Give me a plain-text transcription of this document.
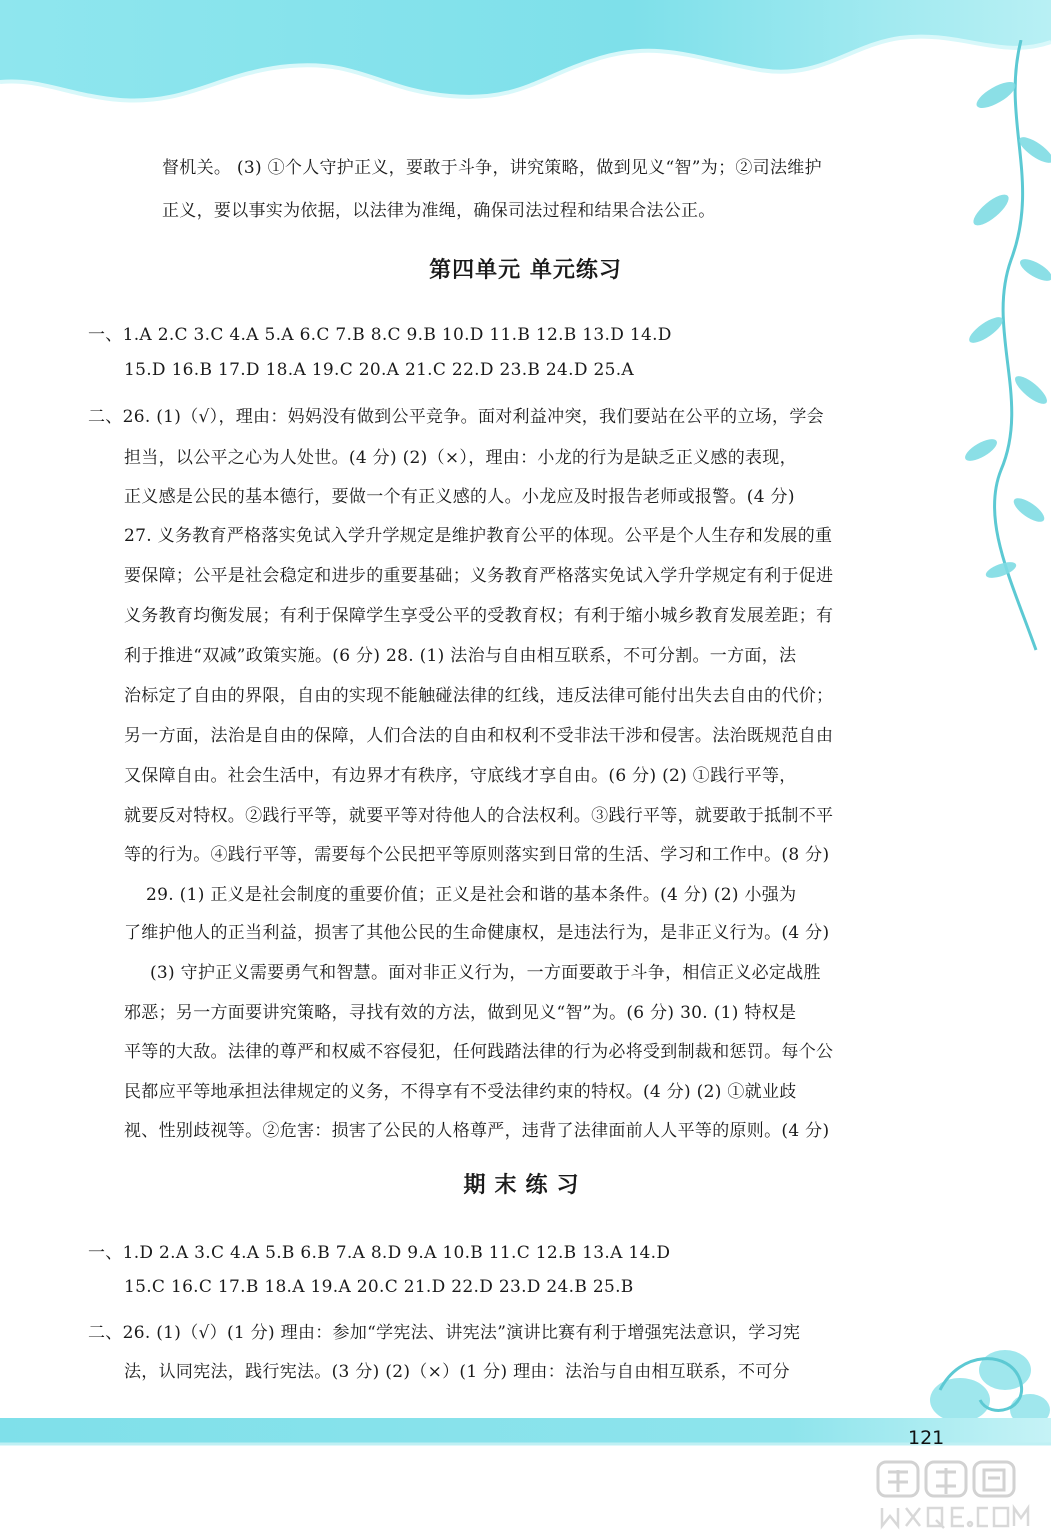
督机关。 (3) ①个人守护正义，要敢于斗争，讲究策略，做到见义“智”为；②司法维护
正义，要以事实为依据，以法律为准绳，确保司法过程和结果合法公正。
第四单元 单元练习
一、1.A 2.C 3.C 4.A 5.A 6.C 7.B 8.C 9.B 10.D 11.B 12.B 13.D 14.D
15.D 16.B 17.D 18.A 19.C 20.A 21.C 22.D 23.B 24.D 25.A
二、26. (1)（√），理由：妈妈没有做到公平竞争。面对利益冲突，我们要站在公平的立场，学会
担当，以公平之心为人处世。(4 分) (2)（×），理由：小龙的行为是缺乏正义感的表现，
正义感是公民的基本德行，要做一个有正义感的人。小龙应及时报告老师或报警。(4 分)
27. 义务教育严格落实免试入学升学规定是维护教育公平的体现。公平是个人生存和发展的重
要保障；公平是社会稳定和进步的重要基础；义务教育严格落实免试入学升学规定有利于促进
义务教育均衡发展；有利于保障学生享受公平的受教育权；有利于缩小城乡教育发展差距；有
利于推进“双减”政策实施。(6 分) 28. (1) 法治与自由相互联系，不可分割。一方面，法
治标定了自由的界限，自由的实现不能触碰法律的红线，违反法律可能付出失去自由的代价；
另一方面，法治是自由的保障，人们合法的自由和权利不受非法干涉和侵害。法治既规范自由
又保障自由。社会生活中，有边界才有秩序，守底线才享自由。(6 分) (2) ①践行平等，
就要反对特权。②践行平等，就要平等对待他人的合法权利。③践行平等，就要敢于抵制不平
等的行为。④践行平等，需要每个公民把平等原则落实到日常的生活、学习和工作中。(8 分)
29. (1) 正义是社会制度的重要价值；正义是社会和谐的基本条件。(4 分) (2) 小强为
了维护他人的正当利益，损害了其他公民的生命健康权，是违法行为，是非正义行为。(4 分)
(3) 守护正义需要勇气和智慧。面对非正义行为，一方面要敢于斗争，相信正义必定战胜
邪恶；另一方面要讲究策略，寻找有效的方法，做到见义“智”为。(6 分) 30. (1) 特权是
平等的大敌。法律的尊严和权威不容侵犯，任何践踏法律的行为必将受到制裁和惩罚。每个公
民都应平等地承担法律规定的义务，不得享有不受法律约束的特权。(4 分) (2) ①就业歧
视、性别歧视等。②危害：损害了公民的人格尊严，违背了法律面前人人平等的原则。(4 分)
期末练习
一、1.D 2.A 3.C 4.A 5.B 6.B 7.A 8.D 9.A 10.B 11.C 12.B 13.A 14.D
15.C 16.C 17.B 18.A 19.A 20.C 21.D 22.D 23.D 24.B 25.B
二、26. (1)（√）(1 分) 理由：参加“学宪法、讲宪法”演讲比赛有利于增强宪法意识，学习宪
法，认同宪法，践行宪法。(3 分) (2)（×）(1 分) 理由：法治与自由相互联系，不可分
121
